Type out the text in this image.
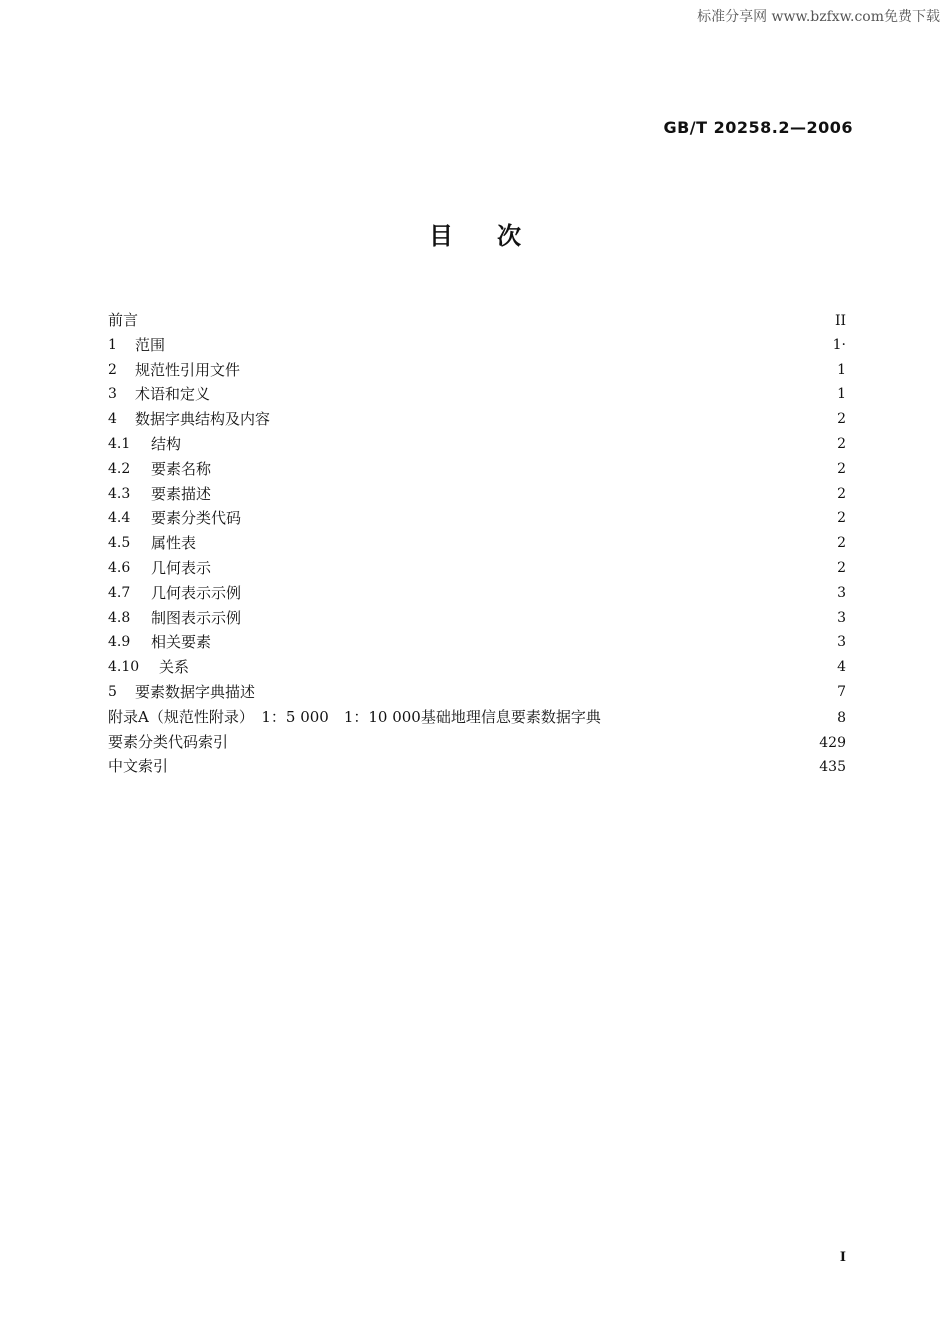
标准分享网 www.bzfxw.com免费下载
GB/T 20258.2—2006
目次
前言	II
1	范围	1·
2	规范性引用文件	1
3	术语和定义	1
4	数据字典结构及内容	2
4.1	结构	2
4.2	要素名称	2
4.3	要素描述	2
4.4	要素分类代码	2
4.5	属性表	2
4.6	几何表示	2
4.7	几何表示示例	3
4.8	制图表示示例	3
4.9	相关要素	3
4.10	关系	4
5	要素数据字典描述	7
附录A（规范性附录）　1：5 000　1：10 000基础地理信息要素数据字典	8
要素分类代码索引	429
中文索引	435
I
